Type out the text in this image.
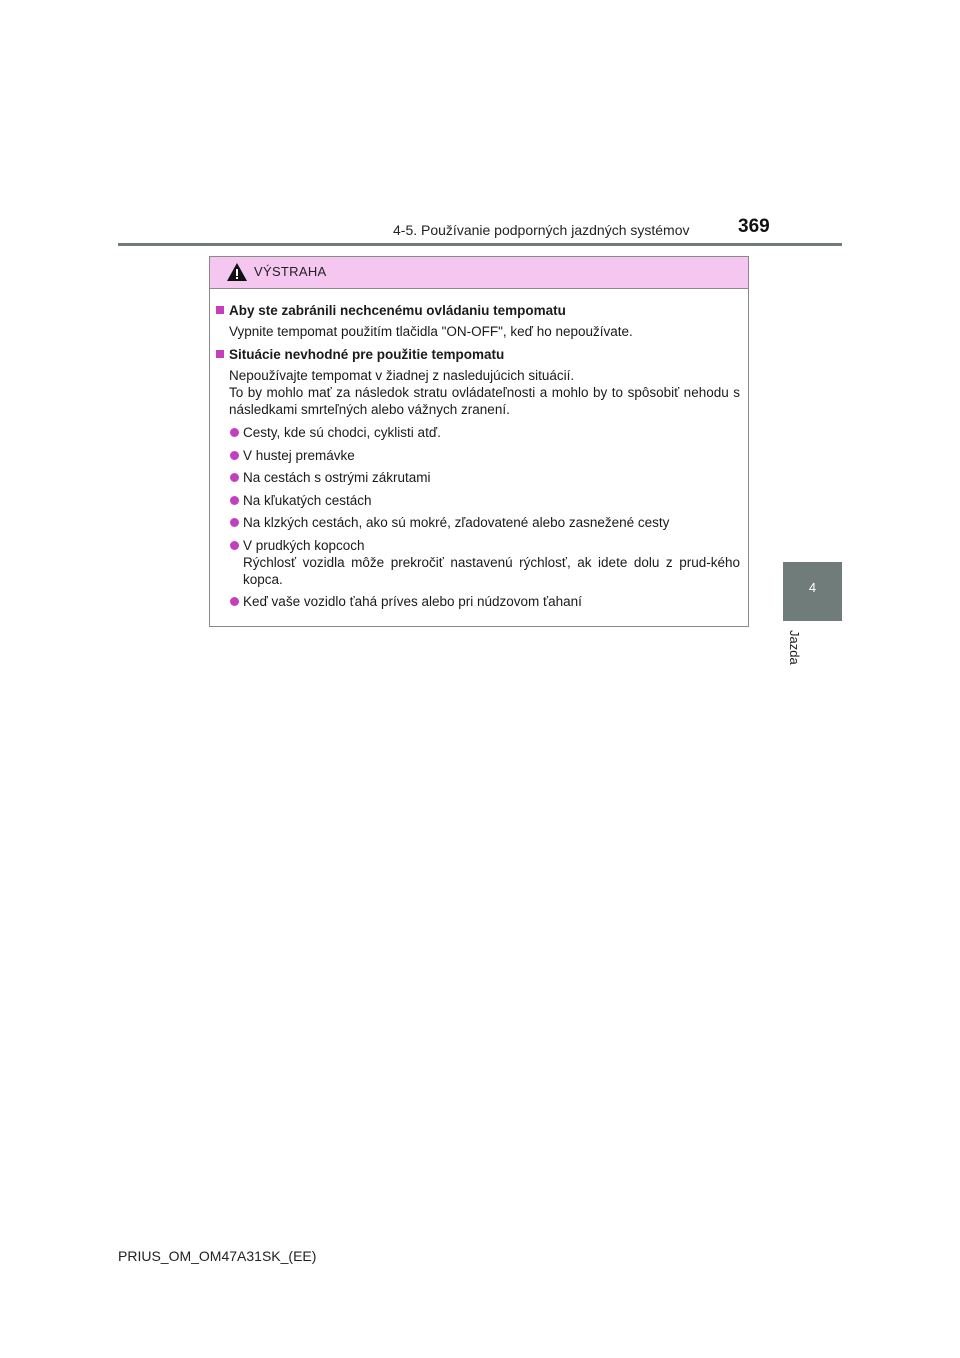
4-5. Používanie podporných jazdných systémov	369
4
Jazda
VÝSTRAHA
Aby ste zabránili nechcenému ovládaniu tempomatu
Vypnite tempomat použitím tlačidla "ON-OFF", keď ho nepoužívate.
Situácie nevhodné pre použitie tempomatu
Nepoužívajte tempomat v žiadnej z nasledujúcich situácií.
To by mohlo mať za následok stratu ovládateľnosti a mohlo by to spôsobiť nehodu s následkami smrteľných alebo vážnych zranení.
Cesty, kde sú chodci, cyklisti atď.
V hustej premávke
Na cestách s ostrými zákrutami
Na kľukatých cestách
Na klzkých cestách, ako sú mokré, zľadovatené alebo zasnežené cesty
V prudkých kopcoch
Rýchlosť vozidla môže prekročiť nastavenú rýchlosť, ak idete dolu z prud-kého kopca.
Keď vaše vozidlo ťahá príves alebo pri núdzovom ťahaní
PRIUS_OM_OM47A31SK_(EE)
